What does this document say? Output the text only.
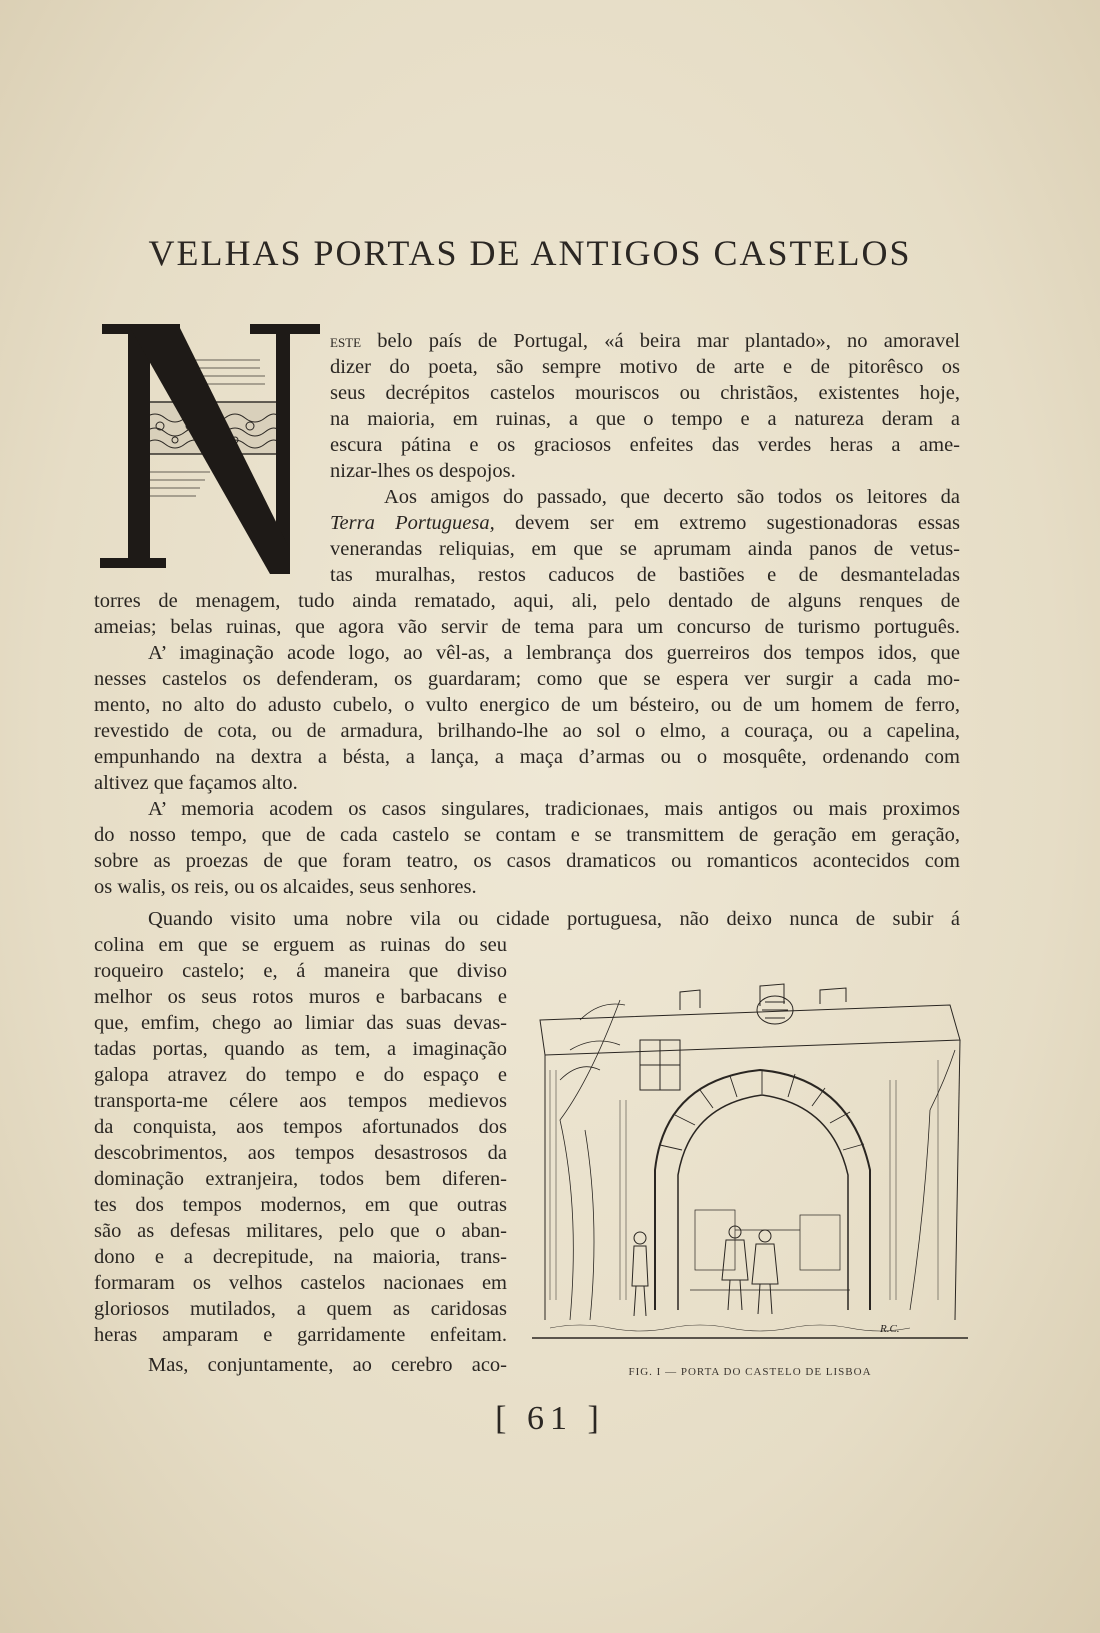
VELHAS PORTAS DE ANTIGOS CASTELOS
este belo país de Portugal, «á beira mar plantado», no amoravel
dizer do poeta, são sempre motivo de arte e de pitorêsco os
seus decrépitos castelos mouriscos ou christãos, existentes hoje,
na maioria, em ruinas, a que o tempo e a natureza deram a
escura pátina e os graciosos enfeites das verdes heras a ame-
nizar-lhes os despojos.
Aos amigos do passado, que decerto são todos os leitores da
Terra Portuguesa, devem ser em extremo sugestionadoras essas
venerandas reliquias, em que se aprumam ainda panos de vetus-
tas muralhas, restos caducos de bastiões e de desmanteladas
torres de menagem, tudo ainda rematado, aqui, ali, pelo dentado de alguns renques de
ameias; belas ruinas, que agora vão servir de tema para um concurso de turismo português.
A’ imaginação acode logo, ao vêl-as, a lembrança dos guerreiros dos tempos idos, que
nesses castelos os defenderam, os guardaram; como que se espera ver surgir a cada mo-
mento, no alto do adusto cubelo, o vulto energico de um bésteiro, ou de um homem de ferro,
revestido de cota, ou de armadura, brilhando-lhe ao sol o elmo, a couraça, ou a capelina,
empunhando na dextra a bésta, a lança, a maça d’armas ou o mosquête, ordenando com
altivez que façamos alto.
A’ memoria acodem os casos singulares, tradicionaes, mais antigos ou mais proximos
do nosso tempo, que de cada castelo se contam e se transmittem de geração em geração,
sobre as proezas de que foram teatro, os casos dramaticos ou romanticos acontecidos com
os walis, os reis, ou os alcaides, seus senhores.
Quando visito uma nobre vila ou cidade portuguesa, não deixo nunca de subir á
colina em que se erguem as ruinas do seu
roqueiro castelo; e, á maneira que diviso
melhor os seus rotos muros e barbacans e
que, emfim, chego ao limiar das suas devas-
tadas portas, quando as tem, a imaginação
galopa atravez do tempo e do espaço e
transporta-me célere aos tempos medievos
da conquista, aos tempos afortunados dos
descobrimentos, aos tempos desastrosos da
dominação extranjeira, todos bem diferen-
tes dos tempos modernos, em que outras
são as defesas militares, pelo que o aban-
dono e a decrepitude, na maioria, trans-
formaram os velhos castelos nacionaes em
gloriosos mutilados, a quem as caridosas
heras amparam e garridamente enfeitam.
Mas, conjuntamente, ao cerebro aco-
R.C.
FIG. I — PORTA DO CASTELO DE LISBOA
[ 61 ]
